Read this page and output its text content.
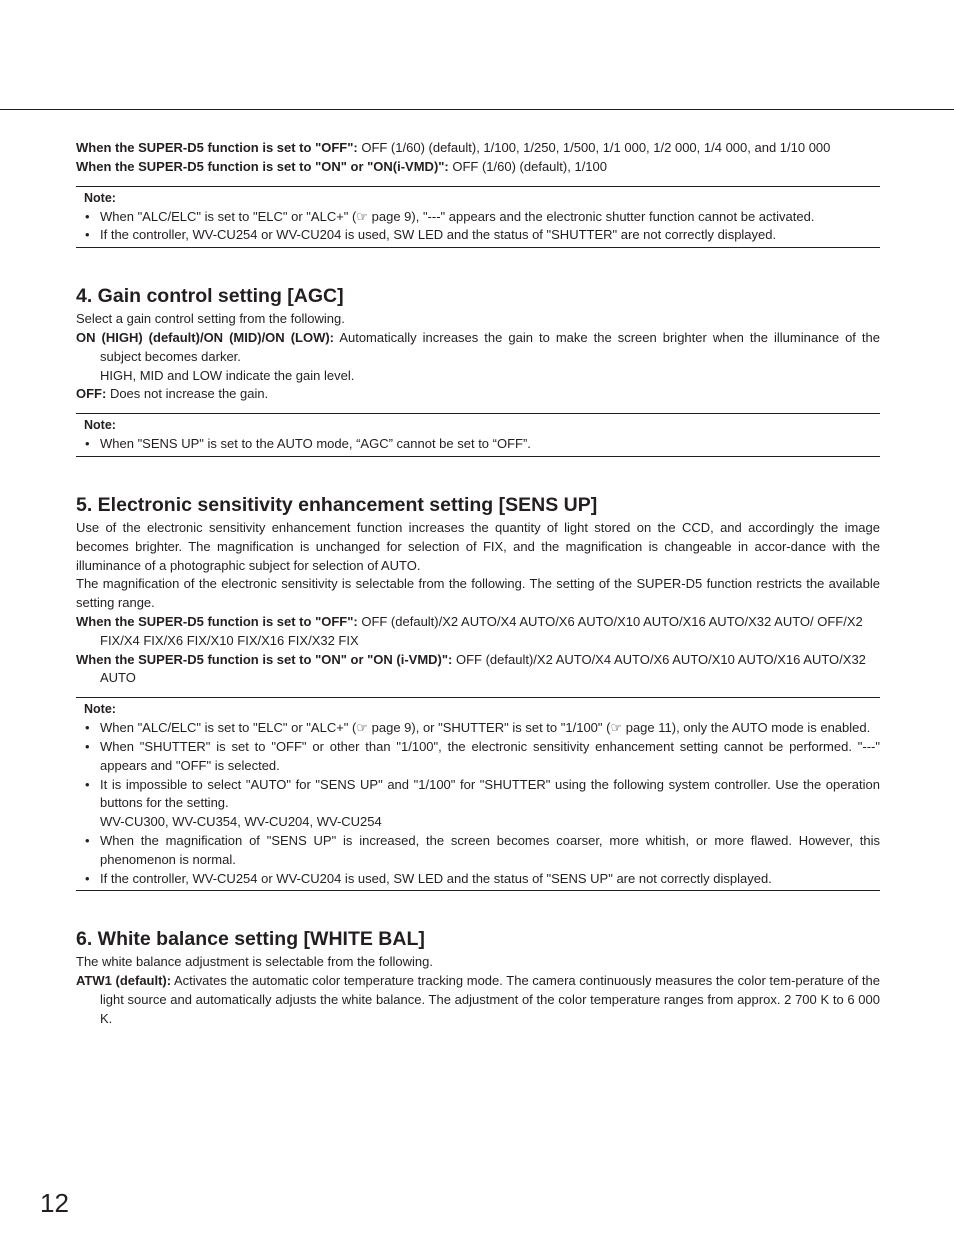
When the SUPER-D5 function is set to "OFF": OFF (1/60) (default), 1/100, 1/250, 1/500, 1/1 000, 1/2 000, 1/4 000, and 1/10 000

When the SUPER-D5 function is set to "ON" or "ON(i-VMD)": OFF (1/60) (default), 1/100

Note:
• When "ALC/ELC" is set to "ELC" or "ALC+" (☞ page 9), "---" appears and the electronic shutter function cannot be activated.
• If the controller, WV-CU254 or WV-CU204 is used, SW LED and the status of "SHUTTER" are not correctly displayed.
4. Gain control setting [AGC]

Select a gain control setting from the following.

ON (HIGH) (default)/ON (MID)/ON (LOW): Automatically increases the gain to make the screen brighter when the illuminance of the subject becomes darker.

HIGH, MID and LOW indicate the gain level.

OFF: Does not increase the gain.

Note:
• When "SENS UP" is set to the AUTO mode, “AGC” cannot be set to “OFF”.
5. Electronic sensitivity enhancement setting [SENS UP]

Use of the electronic sensitivity enhancement function increases the quantity of light stored on the CCD, and accordingly the image becomes brighter. The magnification is unchanged for selection of FIX, and the magnification is changeable in accor-dance with the illuminance of a photographic subject for selection of AUTO.

The magnification of the electronic sensitivity is selectable from the following. The setting of the SUPER-D5 function restricts the available setting range.

When the SUPER-D5 function is set to "OFF": OFF (default)/X2 AUTO/X4 AUTO/X6 AUTO/X10 AUTO/X16 AUTO/X32 AUTO/ OFF/X2 FIX/X4 FIX/X6 FIX/X10 FIX/X16 FIX/X32 FIX

When the SUPER-D5 function is set to "ON" or "ON (i-VMD)": OFF (default)/X2 AUTO/X4 AUTO/X6 AUTO/X10 AUTO/X16 AUTO/X32 AUTO

Note:
• When "ALC/ELC" is set to "ELC" or "ALC+" (☞ page 9), or "SHUTTER" is set to "1/100" (☞ page 11), only the AUTO mode is enabled.
• When "SHUTTER" is set to "OFF" or other than "1/100", the electronic sensitivity enhancement setting cannot be performed. "---" appears and "OFF" is selected.
• It is impossible to select "AUTO" for "SENS UP" and "1/100" for "SHUTTER" using the following system controller. Use the operation buttons for the setting.
WV-CU300, WV-CU354, WV-CU204, WV-CU254
• When the magnification of "SENS UP" is increased, the screen becomes coarser, more whitish, or more flawed. However, this phenomenon is normal.
• If the controller, WV-CU254 or WV-CU204 is used, SW LED and the status of "SENS UP" are not correctly displayed.
6. White balance setting [WHITE BAL]

The white balance adjustment is selectable from the following.

ATW1 (default): Activates the automatic color temperature tracking mode. The camera continuously measures the color tem-perature of the light source and automatically adjusts the white balance. The adjustment of the color temperature ranges from approx. 2 700 K to 6 000 K.

12
